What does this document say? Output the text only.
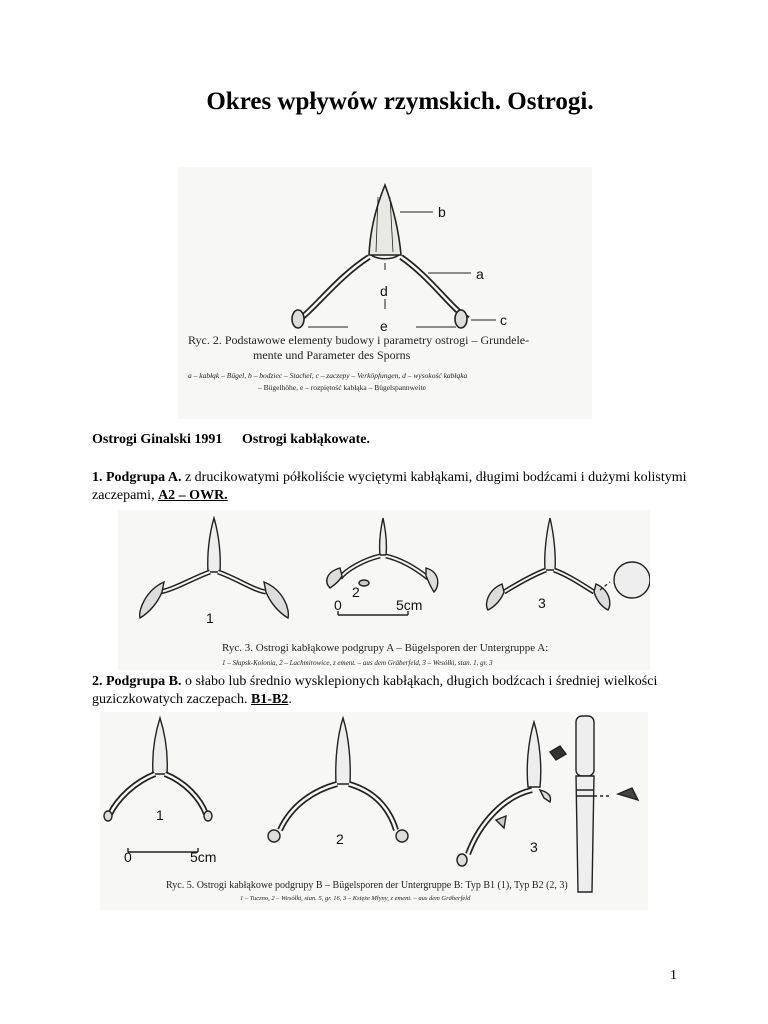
Okres wpływów rzymskich. Ostrogi.
b
a
d
e	c
Ryc. 2. Podstawowe elementy budowy i parametry ostrogi – Grundele-
mente und Parameter des Sporns
a – kabłąk – Bügel, b – bodziec – Stachel, c – zaczepy – Verköpfungen, d – wysokość kabłąka
– Bügelhöhe, e – rozpiętość kabłąka – Bügelspannweite
Ostrogi Ginalski 1991 Ostrogi kabłąkowate.
1. Podgrupa A. z drucikowatymi półkoliście wyciętymi kabłąkami, długimi bodźcami i dużymi kolistymi zaczepami, A2 – OWR.
1
2
3
0	5cm
Ryc. 3. Ostrogi kabłąkowe podgrupy A – Bügelsporen der Untergruppe A:
1 – Słupsk-Kolonia, 2 – Lachmirowice, z ement. – aus dem Gräberfeld, 3 – Wesółki, stan. 1, gr. 3
2. Podgrupa B. o słabo lub średnio wysklepionych kabłąkach, długich bodźcach i średniej wielkości guziczkowatych zaczepach. B1-B2.
1
2	3
0	5cm
Ryc. 5. Ostrogi kabłąkowe podgrupy B – Bügelsporen der Untergruppe B: Typ B1 (1), Typ B2 (2, 3)
1 – Tuczno, 2 – Wesółki, stan. 5, gr. 16, 3 – Księże Młyny, z ement. – aus dem Gräberfeld
1
